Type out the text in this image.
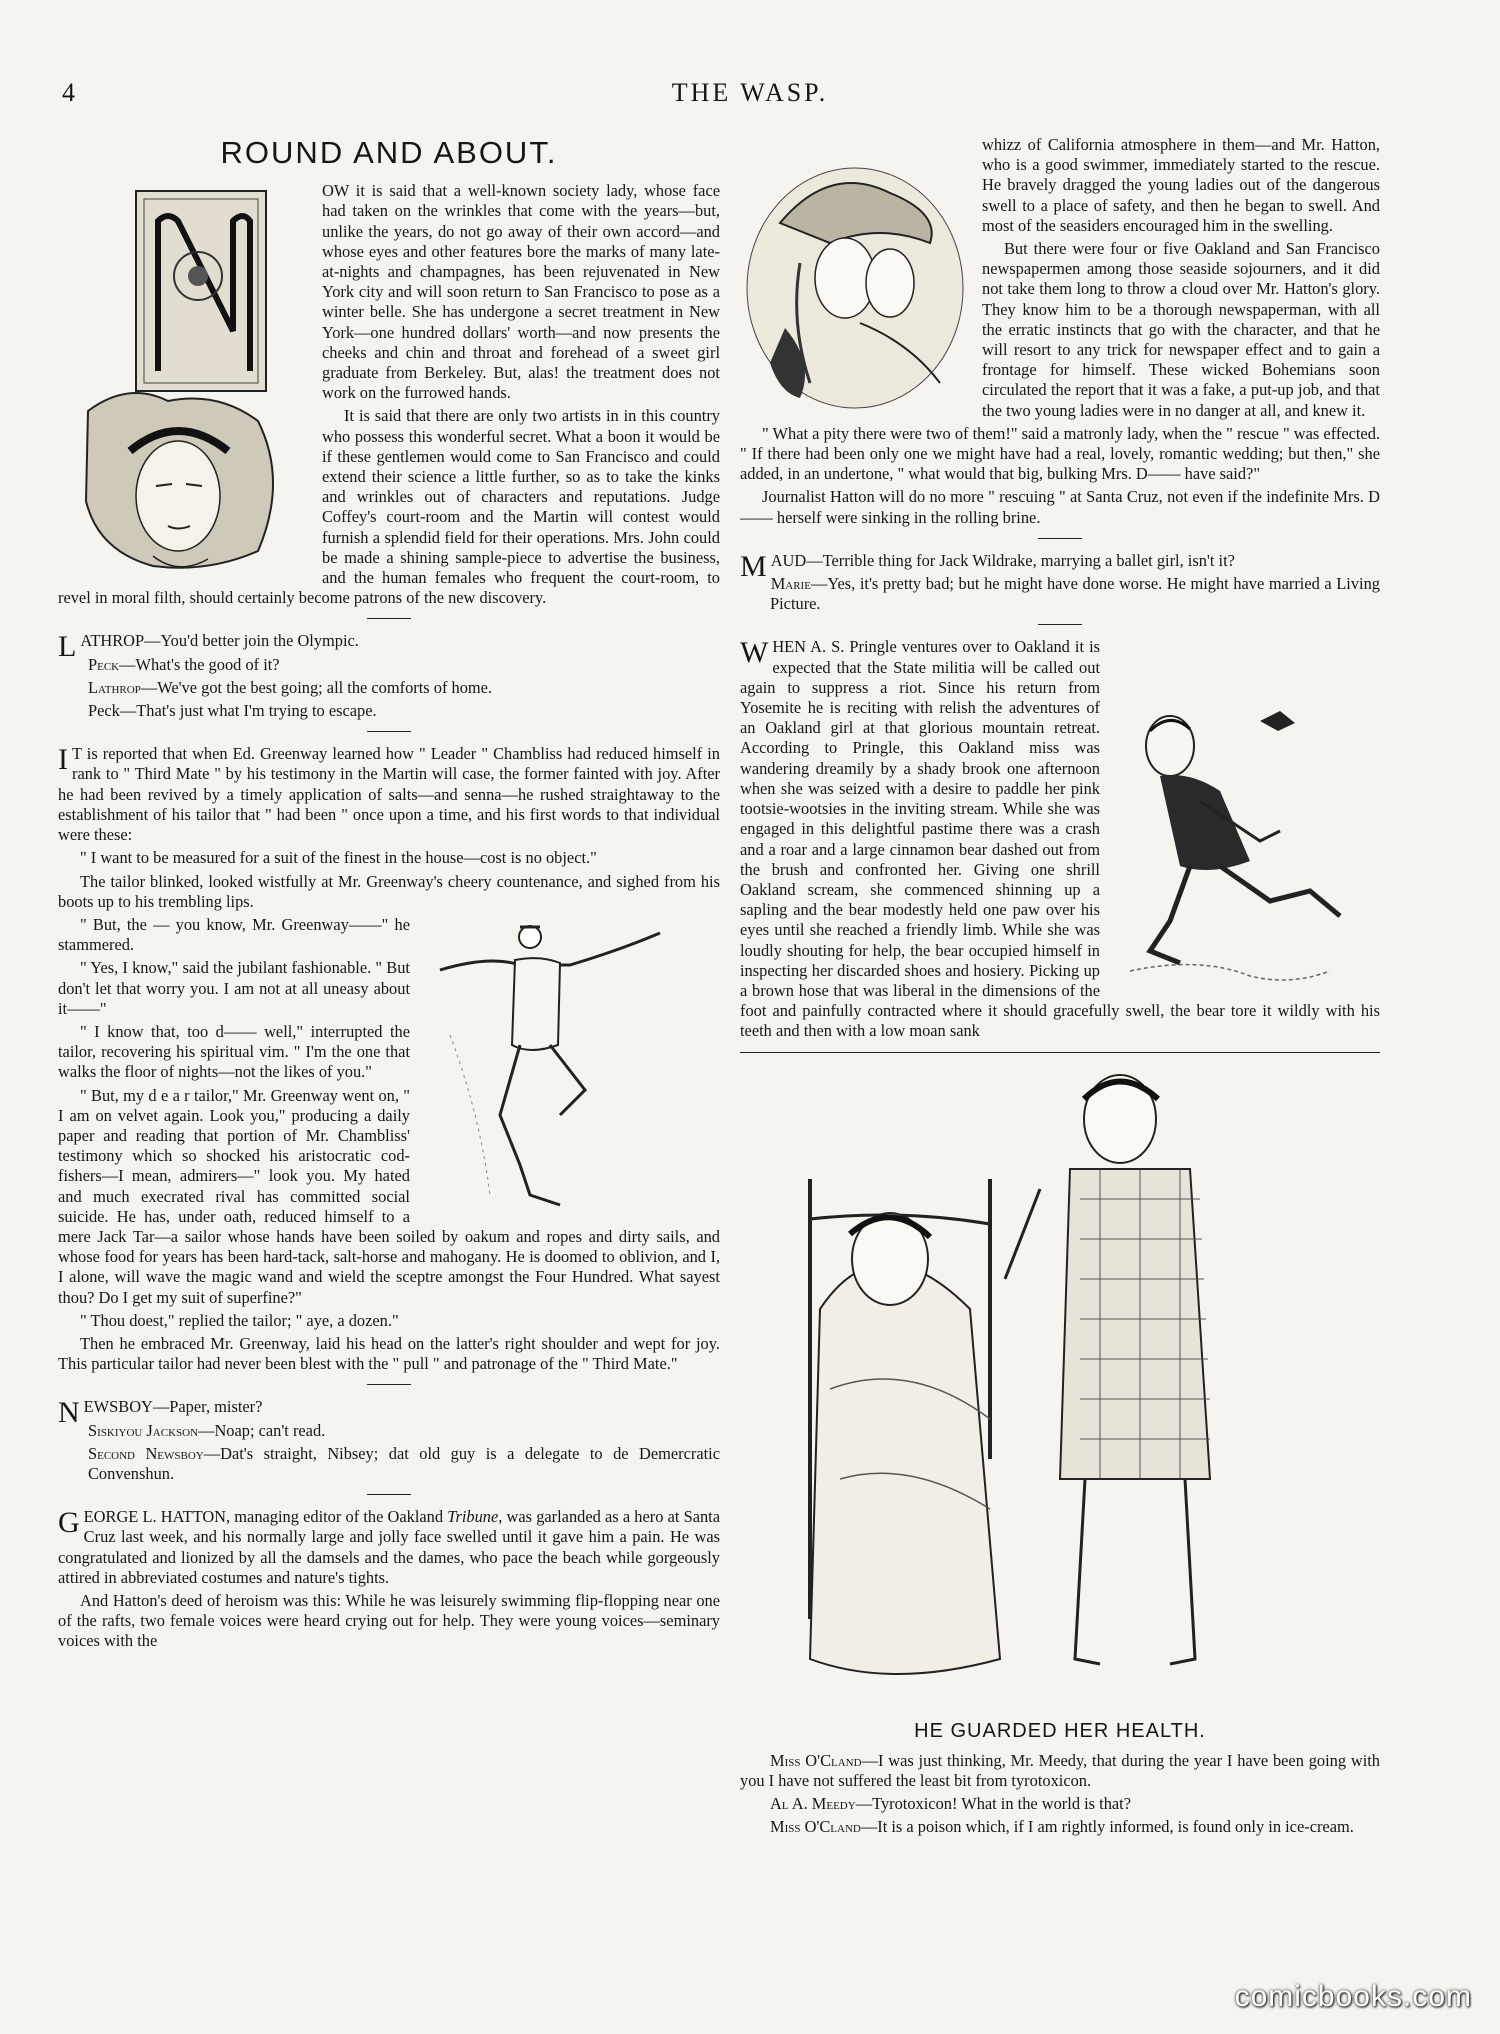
4	THE WASP.
ROUND AND ABOUT.

OW it is said that a well-known society lady, whose face had taken on the wrinkles that come with the years—but, unlike the years, do not go away of their own accord—and whose eyes and other features bore the marks of many late-at-nights and champagnes, has been rejuvenated in New York city and will soon return to San Francisco to pose as a winter belle. She has undergone a secret treatment in New York—one hundred dollars' worth—and now presents the cheeks and chin and throat and forehead of a sweet girl graduate from Berkeley. But, alas! the treatment does not work on the furrowed hands.

It is said that there are only two artists in in this country who possess this wonderful secret. What a boon it would be if these gentlemen would come to San Francisco and could extend their science a little further, so as to take the kinks and wrinkles out of characters and reputations. Judge Coffey's court-room and the Martin will contest would furnish a splendid field for their operations. Mrs. John could be made a shining sample-piece to advertise the business, and the human females who frequent the court-room, to revel in moral filth, should certainly become patrons of the new discovery.

LATHROP—You'd better join the Olympic.

Peck—What's the good of it?

Lathrop—We've got the best going; all the comforts of home.

Peck—That's just what I'm trying to escape.

I T is reported that when Ed. Greenway learned how " Leader " Chambliss had reduced himself in rank to " Third Mate " by his testimony in the Martin will case, the former fainted with joy. After he had been revived by a timely application of salts—and senna—he rushed straightaway to the establishment of his tailor that " had been " once upon a time, and his first words to that individual were these:

" I want to be measured for a suit of the finest in the house—cost is no object."

The tailor blinked, looked wistfully at Mr. Greenway's cheery countenance, and sighed from his boots up to his trembling lips.

" But, the — you know, Mr. Greenway——" he stammered.

" Yes, I know," said the jubilant fashionable. " But don't let that worry you. I am not at all uneasy about it——"

" I know that, too d—— well," interrupted the tailor, recovering his spiritual vim. " I'm the one that walks the floor of nights—not the likes of you."

" But, my d e a r tailor," Mr. Greenway went on, " I am on velvet again. Look you," producing a daily paper and reading that portion of Mr. Chambliss' testimony which so shocked his aristocratic cod-fishers—I mean, admirers—" look you. My hated and much execrated rival has committed social suicide. He has, under oath, reduced himself to a mere Jack Tar—a sailor whose hands have been soiled by oakum and ropes and dirty sails, and whose food for years has been hard-tack, salt-horse and mahogany. He is doomed to oblivion, and I, I alone, will wave the magic wand and wield the sceptre amongst the Four Hundred. What sayest thou? Do I get my suit of superfine?"

" Thou doest," replied the tailor; " aye, a dozen."

Then he embraced Mr. Greenway, laid his head on the latter's right shoulder and wept for joy. This particular tailor had never been blest with the " pull " and patronage of the " Third Mate."

NEWSBOY—Paper, mister?

Siskiyou Jackson—Noap; can't read.

Second Newsboy—Dat's straight, Nibsey; dat old guy is a delegate to de Demercratic Convenshun.

GEORGE L. HATTON, managing editor of the Oakland Tribune, was garlanded as a hero at Santa Cruz last week, and his normally large and jolly face swelled until it gave him a pain. He was congratulated and lionized by all the damsels and the dames, who pace the beach while gorgeously attired in abbreviated costumes and nature's tights.

And Hatton's deed of heroism was this: While he was leisurely swimming flip-flopping near one of the rafts, two female voices were heard crying out for help. They were young voices—seminary voices with the

whizz of California atmosphere in them—and Mr. Hatton, who is a good swimmer, immediately started to the rescue. He bravely dragged the young ladies out of the dangerous swell to a place of safety, and then he began to swell. And most of the seasiders encouraged him in the swelling.

But there were four or five Oakland and San Francisco newspapermen among those seaside sojourners, and it did not take them long to throw a cloud over Mr. Hatton's glory. They know him to be a thorough newspaperman, with all the erratic instincts that go with the character, and that he will resort to any trick for newspaper effect and to gain a frontage for himself. These wicked Bohemians soon circulated the report that it was a fake, a put-up job, and that the two young ladies were in no danger at all, and knew it.

" What a pity there were two of them!" said a matronly lady, when the " rescue " was effected. " If there had been only one we might have had a real, lovely, romantic wedding; but then," she added, in an undertone, " what would that big, bulking Mrs. D—— have said?"

Journalist Hatton will do no more " rescuing " at Santa Cruz, not even if the indefinite Mrs. D—— herself were sinking in the rolling brine.

MAUD—Terrible thing for Jack Wildrake, marrying a ballet girl, isn't it?

Marie—Yes, it's pretty bad; but he might have done worse. He might have married a Living Picture.

WHEN A. S. Pringle ventures over to Oakland it is expected that the State militia will be called out again to suppress a riot. Since his return from Yosemite he is reciting with relish the adventures of an Oakland girl at that glorious mountain retreat. According to Pringle, this Oakland miss was wandering dreamily by a shady brook one afternoon when she was seized with a desire to paddle her pink tootsie-wootsies in the inviting stream. While she was engaged in this delightful pastime there was a crash and a roar and a large cinnamon bear dashed out from the brush and confronted her. Giving one shrill Oakland scream, she commenced shinning up a sapling and the bear modestly held one paw over his eyes until she reached a friendly limb. While she was loudly shouting for help, the bear occupied himself in inspecting her discarded shoes and hosiery. Picking up a brown hose that was liberal in the dimensions of the foot and painfully contracted where it should gracefully swell, the bear tore it wildly with his teeth and then with a low moan sank

HE GUARDED HER HEALTH.

Miss O'Cland—I was just thinking, Mr. Meedy, that during the year I have been going with you I have not suffered the least bit from tyrotoxicon.

Al A. Meedy—Tyrotoxicon! What in the world is that?

Miss O'Cland—It is a poison which, if I am rightly informed, is found only in ice-cream.

comicbooks.com
